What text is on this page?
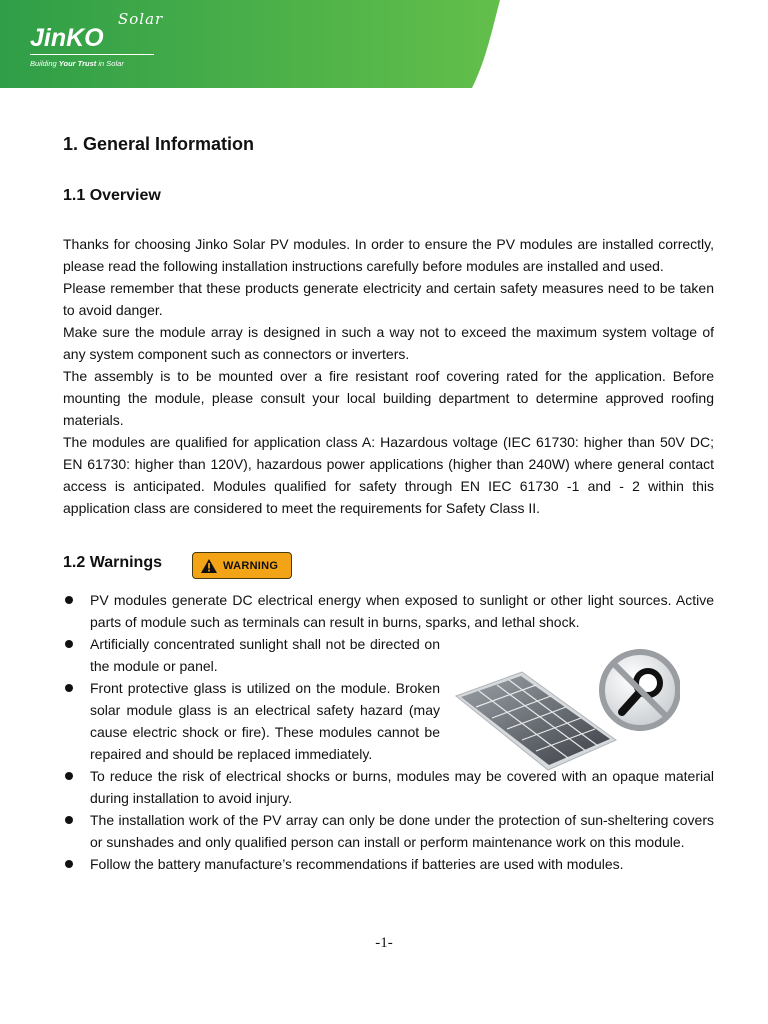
Solar
JinKO
Building Your Trust in Solar
1. General Information
1.1 Overview

Thanks for choosing Jinko Solar PV modules. In order to ensure the PV modules are installed correctly, please read the following installation instructions carefully before modules are installed and used.

Please remember that these products generate electricity and certain safety measures need to be taken to avoid danger.

Make sure the module array is designed in such a way not to exceed the maximum system voltage of any system component such as connectors or inverters.

The assembly is to be mounted over a fire resistant roof covering rated for the application. Before mounting the module, please consult your local building department to determine approved roofing materials.

The modules are qualified for application class A: Hazardous voltage (IEC 61730: higher than 50V DC; EN 61730: higher than 120V), hazardous power applications (higher than 240W) where general contact access is anticipated. Modules qualified for safety through EN IEC 61730 -1 and - 2 within this application class are considered to meet the requirements for Safety Class II.

1.2 Warnings	WARNING
PV modules generate DC electrical energy when exposed to sunlight or other light sources. Active parts of module such as terminals can result in burns, sparks, and lethal shock.
Artificially concentrated sunlight shall not be directed on the module or panel.
Front protective glass is utilized on the module. Broken solar module glass is an electrical safety hazard (may cause electric shock or fire). These modules cannot be repaired and should be replaced immediately.
To reduce the risk of electrical shocks or burns, modules may be covered with an opaque material during installation to avoid injury.
The installation work of the PV array can only be done under the protection of sun-sheltering covers or sunshades and only qualified person can install or perform maintenance work on this module.
Follow the battery manufacture’s recommendations if batteries are used with modules.
-1-
